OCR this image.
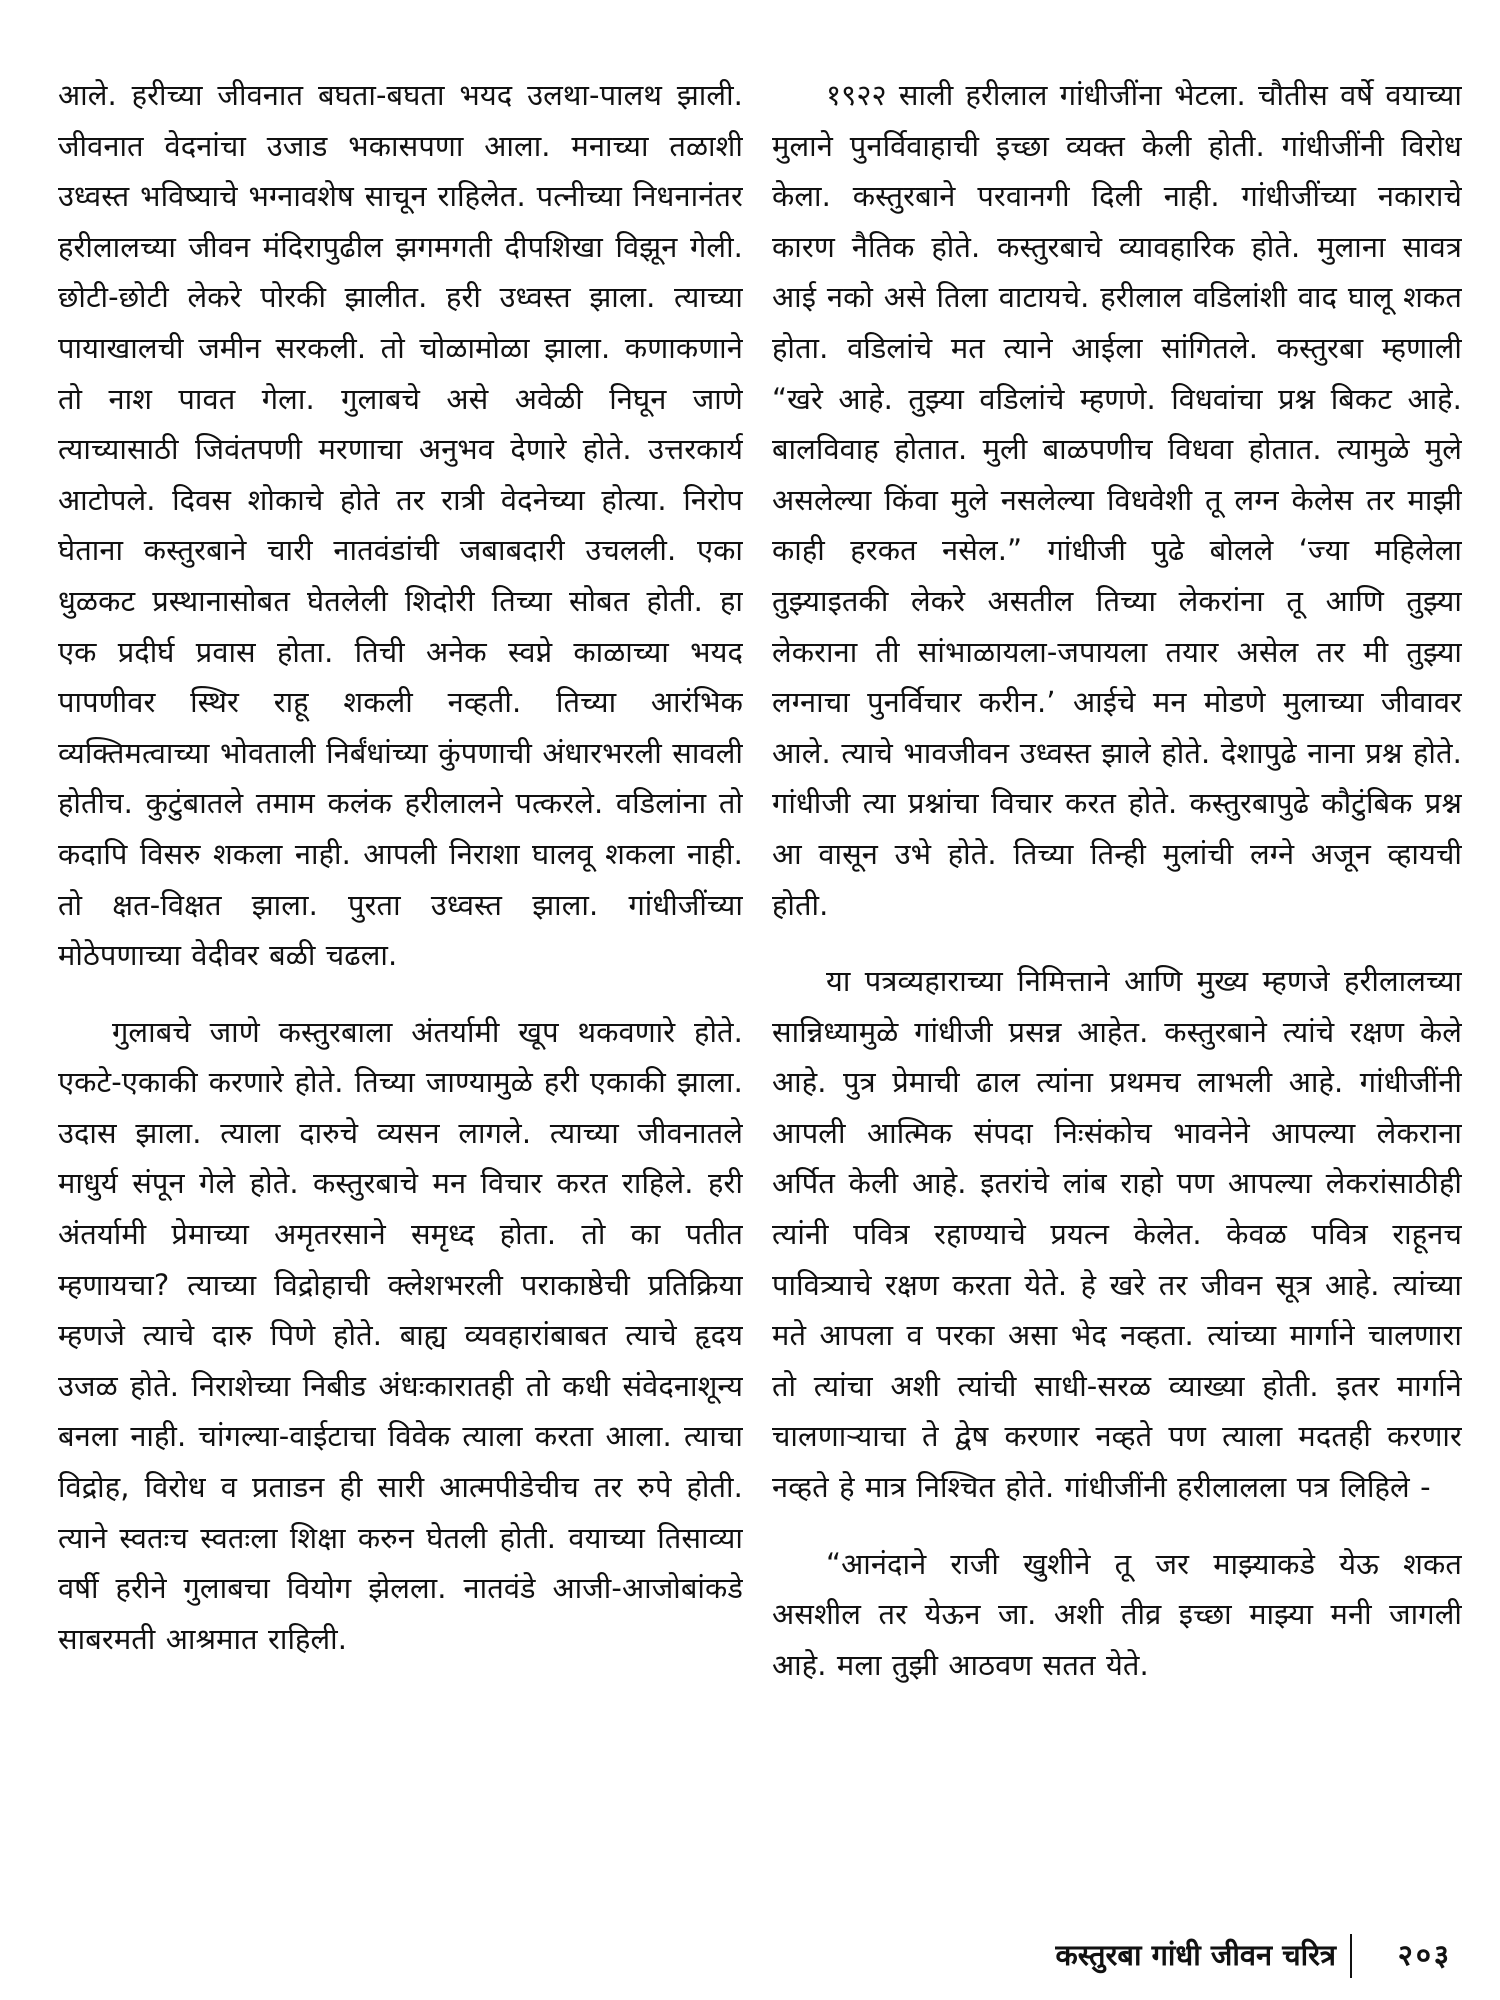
आले. हरीच्या जीवनात बघता-बघता भयद उलथा-पालथ झाली. जीवनात वेदनांचा उजाड भकासपणा आला. मनाच्या तळाशी उध्वस्त भविष्याचे भग्नावशेष साचून राहिलेत. पत्नीच्या निधनानंतर हरीलालच्या जीवन मंदिरापुढील झगमगती दीपशिखा विझून गेली. छोटी-छोटी लेकरे पोरकी झालीत. हरी उध्वस्त झाला. त्याच्या पायाखालची जमीन सरकली. तो चोळामोळा झाला. कणाकणाने तो नाश पावत गेला. गुलाबचे असे अवेळी निघून जाणे त्याच्यासाठी जिवंतपणी मरणाचा अनुभव देणारे होते. उत्तरकार्य आटोपले. दिवस शोकाचे होते तर रात्री वेदनेच्या होत्या. निरोप घेताना कस्तुरबाने चारी नातवंडांची जबाबदारी उचलली. एका धुळकट प्रस्थानासोबत घेतलेली शिदोरी तिच्या सोबत होती. हा एक प्रदीर्घ प्रवास होता. तिची अनेक स्वप्ने काळाच्या भयद पापणीवर स्थिर राहू शकली नव्हती. तिच्या आरंभिक व्यक्तिमत्वाच्या भोवताली निर्बंधांच्या कुंपणाची अंधारभरली सावली होतीच. कुटुंबातले तमाम कलंक हरीलालने पत्करले. वडिलांना तो कदापि विसरु शकला नाही. आपली निराशा घालवू शकला नाही. तो क्षत-विक्षत झाला. पुरता उध्वस्त झाला. गांधीजींच्या मोठेपणाच्या वेदीवर बळी चढला.

गुलाबचे जाणे कस्तुरबाला अंतर्यामी खूप थकवणारे होते. एकटे-एकाकी करणारे होते. तिच्या जाण्यामुळे हरी एकाकी झाला. उदास झाला. त्याला दारुचे व्यसन लागले. त्याच्या जीवनातले माधुर्य संपून गेले होते. कस्तुरबाचे मन विचार करत राहिले. हरी अंतर्यामी प्रेमाच्या अमृतरसाने समृध्द होता. तो का पतीत म्हणायचा? त्याच्या विद्रोहाची क्लेशभरली पराकाष्ठेची प्रतिक्रिया म्हणजे त्याचे दारु पिणे होते. बाह्य व्यवहारांबाबत त्याचे हृदय उजळ होते. निराशेच्या निबीड अंधःकारातही तो कधी संवेदनाशून्य बनला नाही. चांगल्या-वाईटाचा विवेक त्याला करता आला. त्याचा विद्रोह, विरोध व प्रताडन ही सारी आत्मपीडेचीच तर रुपे होती. त्याने स्वतःच स्वतःला शिक्षा करुन घेतली होती. वयाच्या तिसाव्या वर्षी हरीने गुलाबचा वियोग झेलला. नातवंडे आजी-आजोबांकडे साबरमती आश्रमात राहिली.

१९२२ साली हरीलाल गांधीजींना भेटला. चौतीस वर्षे वयाच्या मुलाने पुनर्विवाहाची इच्छा व्यक्त केली होती. गांधीजींनी विरोध केला. कस्तुरबाने परवानगी दिली नाही. गांधीजींच्या नकाराचे कारण नैतिक होते. कस्तुरबाचे व्यावहारिक होते. मुलाना सावत्र आई नको असे तिला वाटायचे. हरीलाल वडिलांशी वाद घालू शकत होता. वडिलांचे मत त्याने आईला सांगितले. कस्तुरबा म्हणाली “खरे आहे. तुझ्या वडिलांचे म्हणणे. विधवांचा प्रश्न बिकट आहे. बालविवाह होतात. मुली बाळपणीच विधवा होतात. त्यामुळे मुले असलेल्या किंवा मुले नसलेल्या विधवेशी तू लग्न केलेस तर माझी काही हरकत नसेल.” गांधीजी पुढे बोलले ‘ज्या महिलेला तुझ्याइतकी लेकरे असतील तिच्या लेकरांना तू आणि तुझ्या लेकराना ती सांभाळायला-जपायला तयार असेल तर मी तुझ्या लग्नाचा पुनर्विचार करीन.’ आईचे मन मोडणे मुलाच्या जीवावर आले. त्याचे भावजीवन उध्वस्त झाले होते. देशापुढे नाना प्रश्न होते. गांधीजी त्या प्रश्नांचा विचार करत होते. कस्तुरबापुढे कौटुंबिक प्रश्न आ वासून उभे होते. तिच्या तिन्ही मुलांची लग्ने अजून व्हायची होती.

या पत्रव्यहाराच्या निमित्ताने आणि मुख्य म्हणजे हरीलालच्या सान्निध्यामुळे गांधीजी प्रसन्न आहेत. कस्तुरबाने त्यांचे रक्षण केले आहे. पुत्र प्रेमाची ढाल त्यांना प्रथमच लाभली आहे. गांधीजींनी आपली आत्मिक संपदा निःसंकोच भावनेने आपल्या लेकराना अर्पित केली आहे. इतरांचे लांब राहो पण आपल्या लेकरांसाठीही त्यांनी पवित्र रहाण्याचे प्रयत्न केलेत. केवळ पवित्र राहूनच पावित्र्याचे रक्षण करता येते. हे खरे तर जीवन सूत्र आहे. त्यांच्या मते आपला व परका असा भेद नव्हता. त्यांच्या मार्गाने चालणारा तो त्यांचा अशी त्यांची साधी-सरळ व्याख्या होती. इतर मार्गाने चालणाऱ्याचा ते द्वेष करणार नव्हते पण त्याला मदतही करणार नव्हते हे मात्र निश्चित होते. गांधीजींनी हरीलालला पत्र लिहिले -

“आनंदाने राजी खुशीने तू जर माझ्याकडे येऊ शकत असशील तर येऊन जा. अशी तीव्र इच्छा माझ्या मनी जागली आहे. मला तुझी आठवण सतत येते.

कस्तुरबा गांधी जीवन चरित्र २०३
